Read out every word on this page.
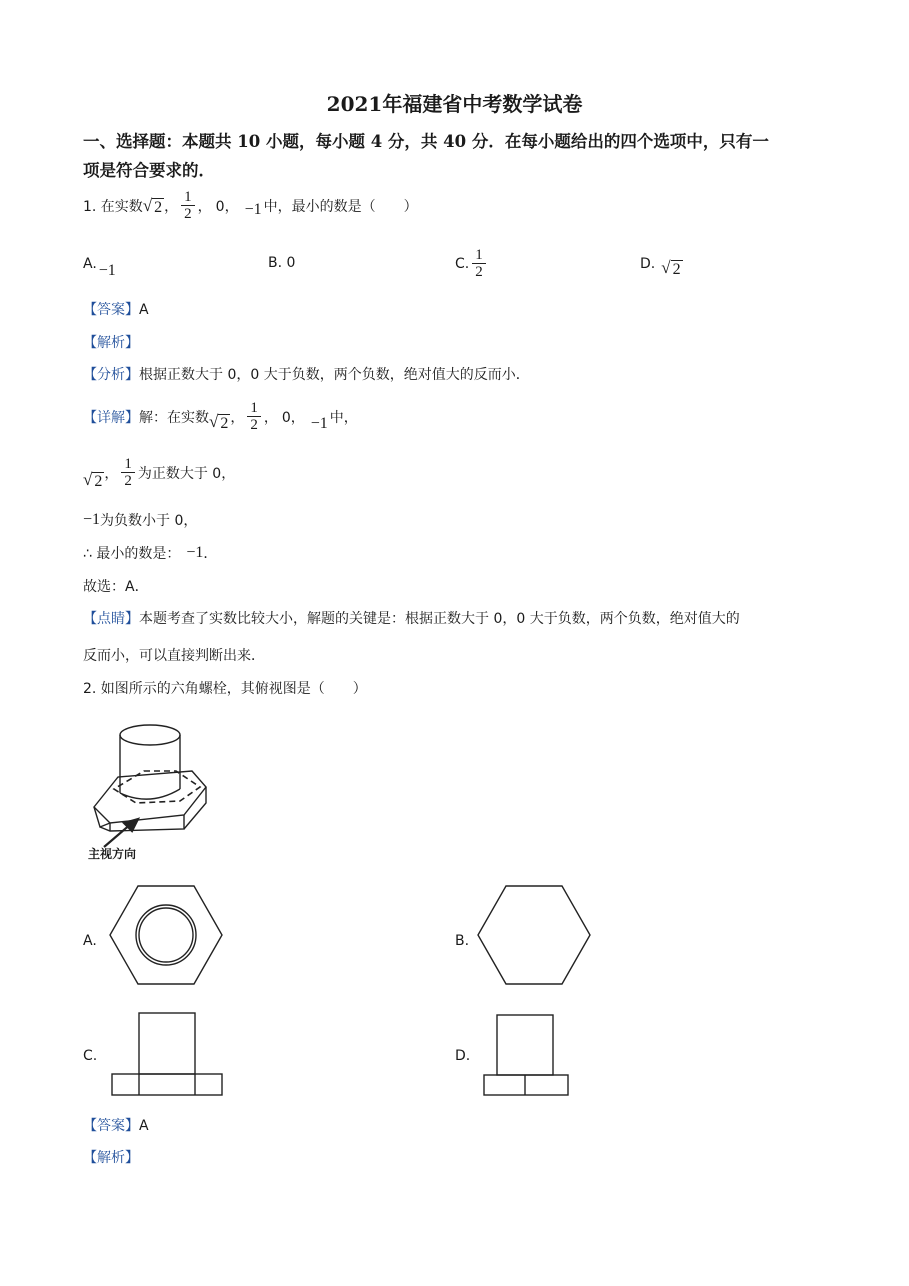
2021年福建省中考数学试卷
一、选择题：本题共 10 小题，每小题 4 分，共 40 分．在每小题给出的四个选项中，只有一
项是符合要求的．
1. 在实数 √ 2 ， $\frac{1}{2}$ ， 0， −1 中，最小的数是（　　）
A. −1	B. 0	C. $\frac{1}{2}$	D. √ 2
【答案】A
【解析】
【分析】根据正数大于 0，0 大于负数，两个负数，绝对值大的反而小．
【详解】 解：在实数 √ 2 ， $\frac{1}{2}$ ， 0， −1 中，
√ 2 ， $\frac{1}{2}$ 为正数大于 0，
−1 为负数小于 0，
∴ 最小的数是： −1 ．
故选：A．
【点睛】本题考查了实数比较大小，解题的关键是：根据正数大于 0，0 大于负数，两个负数，绝对值大的
反而小，可以直接判断出来．
2. 如图所示的六角螺栓，其俯视图是（　　）
主视方向
A.	B.
C.	D.
【答案】A
【解析】
